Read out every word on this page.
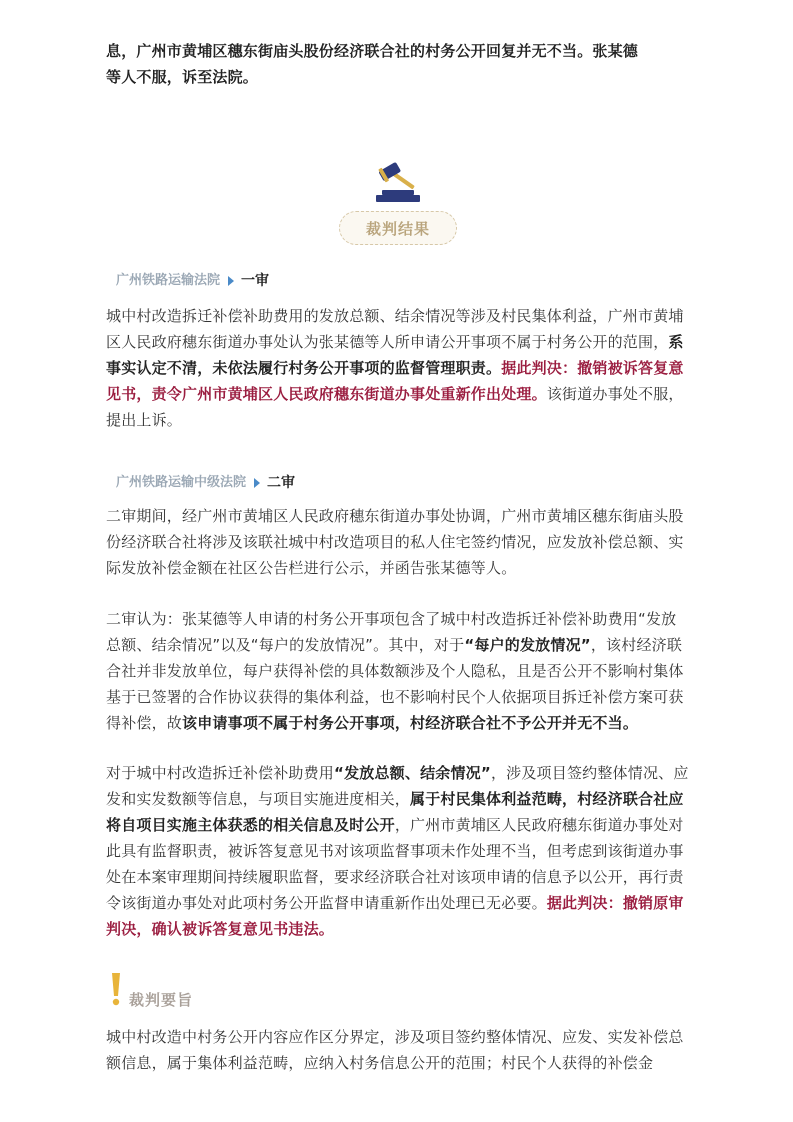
息，广州市黄埔区穗东街庙头股份经济联合社的村务公开回复并无不当。张某德
等人不服，诉至法院。
裁判结果
广州铁路运输法院 一审
城中村改造拆迁补偿补助费用的发放总额、结余情况等涉及村民集体利益，广州市黄埔区人民政府穗东街道办事处认为张某德等人所申请公开事项不属于村务公开的范围，系事实认定不清，未依法履行村务公开事项的监督管理职责。据此判决：撤销被诉答复意见书，责令广州市黄埔区人民政府穗东街道办事处重新作出处理。该街道办事处不服，提出上诉。
广州铁路运输中级法院 二审
二审期间，经广州市黄埔区人民政府穗东街道办事处协调，广州市黄埔区穗东街庙头股份经济联合社将涉及该联社城中村改造项目的私人住宅签约情况，应发放补偿总额、实际发放补偿金额在社区公告栏进行公示，并函告张某德等人。
二审认为：张某德等人申请的村务公开事项包含了城中村改造拆迁补偿补助费用“发放总额、结余情况”以及“每户的发放情况”。其中，对于“每户的发放情况”，该村经济联合社并非发放单位，每户获得补偿的具体数额涉及个人隐私，且是否公开不影响村集体基于已签署的合作协议获得的集体利益，也不影响村民个人依据项目拆迁补偿方案可获得补偿，故该申请事项不属于村务公开事项，村经济联合社不予公开并无不当。
对于城中村改造拆迁补偿补助费用“发放总额、结余情况”，涉及项目签约整体情况、应发和实发数额等信息，与项目实施进度相关，属于村民集体利益范畴，村经济联合社应将自项目实施主体获悉的相关信息及时公开，广州市黄埔区人民政府穗东街道办事处对此具有监督职责，被诉答复意见书对该项监督事项未作处理不当，但考虑到该街道办事处在本案审理期间持续履职监督，要求经济联合社对该项申请的信息予以公开，再行责令该街道办事处对此项村务公开监督申请重新作出处理已无必要。据此判决：撤销原审判决，确认被诉答复意见书违法。
裁判要旨
城中村改造中村务公开内容应作区分界定，涉及项目签约整体情况、应发、实发补偿总额信息，属于集体利益范畴，应纳入村务信息公开的范围；村民个人获得的补偿金
